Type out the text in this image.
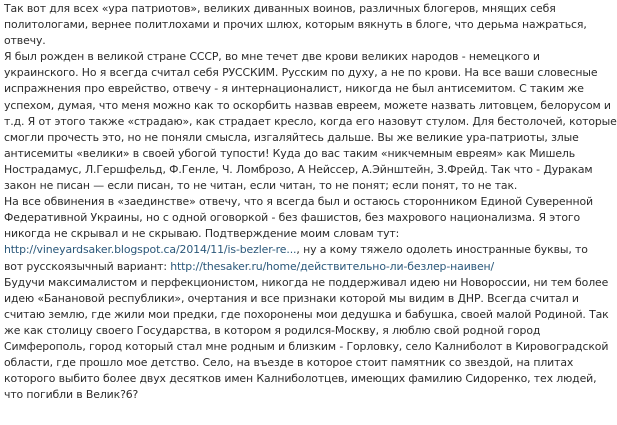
Так вот для всех «ура патриотов», великих диванных воинов, различных блогеров, мнящих себя
политологами, вернее политлохами и прочих шлюх, которым вякнуть в блоге, что дерьма нажраться,
отвечу.
Я был рожден в великой стране СССР, во мне течет две крови великих народов - немецкого и
украинского. Но я всегда считал себя РУССКИМ. Русским по духу, а не по крови. На все ваши словесные
испражнения про еврейство, отвечу - я интернационалист, никогда не был антисемитом. С таким же
успехом, думая, что меня можно как то оскорбить назвав евреем, можете назвать литовцем, белорусом и
т.д. Я от этого также «страдаю», как страдает кресло, когда его назовут стулом. Для бестолочей, которые
смогли прочесть это, но не поняли смысла, изгаляйтесь дальше. Вы же великие ура-патриоты, злые
антисемиты «велики» в своей убогой тупости! Куда до вас таким «никчемным евреям» как Мишель
Нострадамус, Л.Гершфельд, Ф.Генле, Ч. Ломброзо, А Нейссер, А.Эйнштейн, З.Фрейд. Так что - Дуракам
закон не писан — если писан, то не читан, если читан, то не понят; если понят, то не так.
На все обвинения в «заединстве» отвечу, что я всегда был и остаюсь сторонником Единой Суверенной
Федеративной Украины, но с одной оговоркой - без фашистов, без махрового национализма. Я этого
никогда не скрывал и не скрываю. Подтверждение моим словам тут:
http://vineyardsaker.blogspot.ca/2014/11/is-bezler-re..., ну а кому тяжело одолеть иностранные буквы, то
вот русскоязычный вариант: http://thesaker.ru/home/действительно-ли-безлер-наивен/
Будучи максималистом и перфекционистом, никогда не поддерживал идею ни Новороссии, ни тем более
идею «Банановой республики», очертания и все признаки которой мы видим в ДНР. Всегда считал и
считаю землю, где жили мои предки, где похоронены мои дедушка и бабушка, своей малой Родиной. Так
же как столицу своего Государства, в котором я родился-Москву, я люблю свой родной город
Симферополь, город который стал мне родным и близким - Горловку, село Калниболот в Кировоградской
области, где прошло мое детство. Село, на въезде в которое стоит памятник со звездой, на плитах
которого выбито более двух десятков имен Калниболотцев, имеющих фамилию Сидоренко, тех людей,
что погибли в Велик?6?
